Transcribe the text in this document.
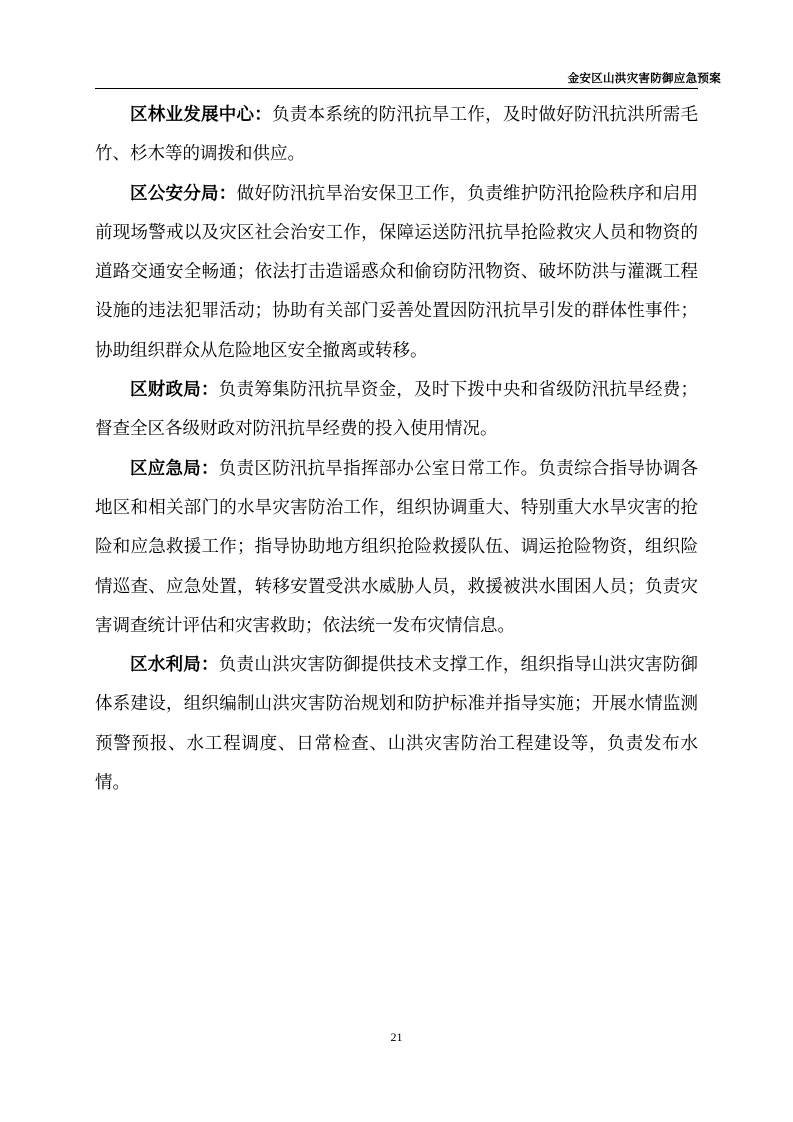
金安区山洪灾害防御应急预案

区林业发展中心：负责本系统的防汛抗旱工作，及时做好防汛抗洪所需毛竹、杉木等的调拨和供应。

区公安分局：做好防汛抗旱治安保卫工作，负责维护防汛抢险秩序和启用前现场警戒以及灾区社会治安工作，保障运送防汛抗旱抢险救灾人员和物资的道路交通安全畅通；依法打击造谣惑众和偷窃防汛物资、破坏防洪与灌溉工程设施的违法犯罪活动；协助有关部门妥善处置因防汛抗旱引发的群体性事件；协助组织群众从危险地区安全撤离或转移。

区财政局：负责筹集防汛抗旱资金，及时下拨中央和省级防汛抗旱经费；督查全区各级财政对防汛抗旱经费的投入使用情况。

区应急局：负责区防汛抗旱指挥部办公室日常工作。负责综合指导协调各地区和相关部门的水旱灾害防治工作，组织协调重大、特别重大水旱灾害的抢险和应急救援工作；指导协助地方组织抢险救援队伍、调运抢险物资，组织险情巡查、应急处置，转移安置受洪水威胁人员，救援被洪水围困人员；负责灾害调查统计评估和灾害救助；依法统一发布灾情信息。

区水利局：负责山洪灾害防御提供技术支撑工作，组织指导山洪灾害防御体系建设，组织编制山洪灾害防治规划和防护标准并指导实施；开展水情监测预警预报、水工程调度、日常检查、山洪灾害防治工程建设等，负责发布水情。

21
